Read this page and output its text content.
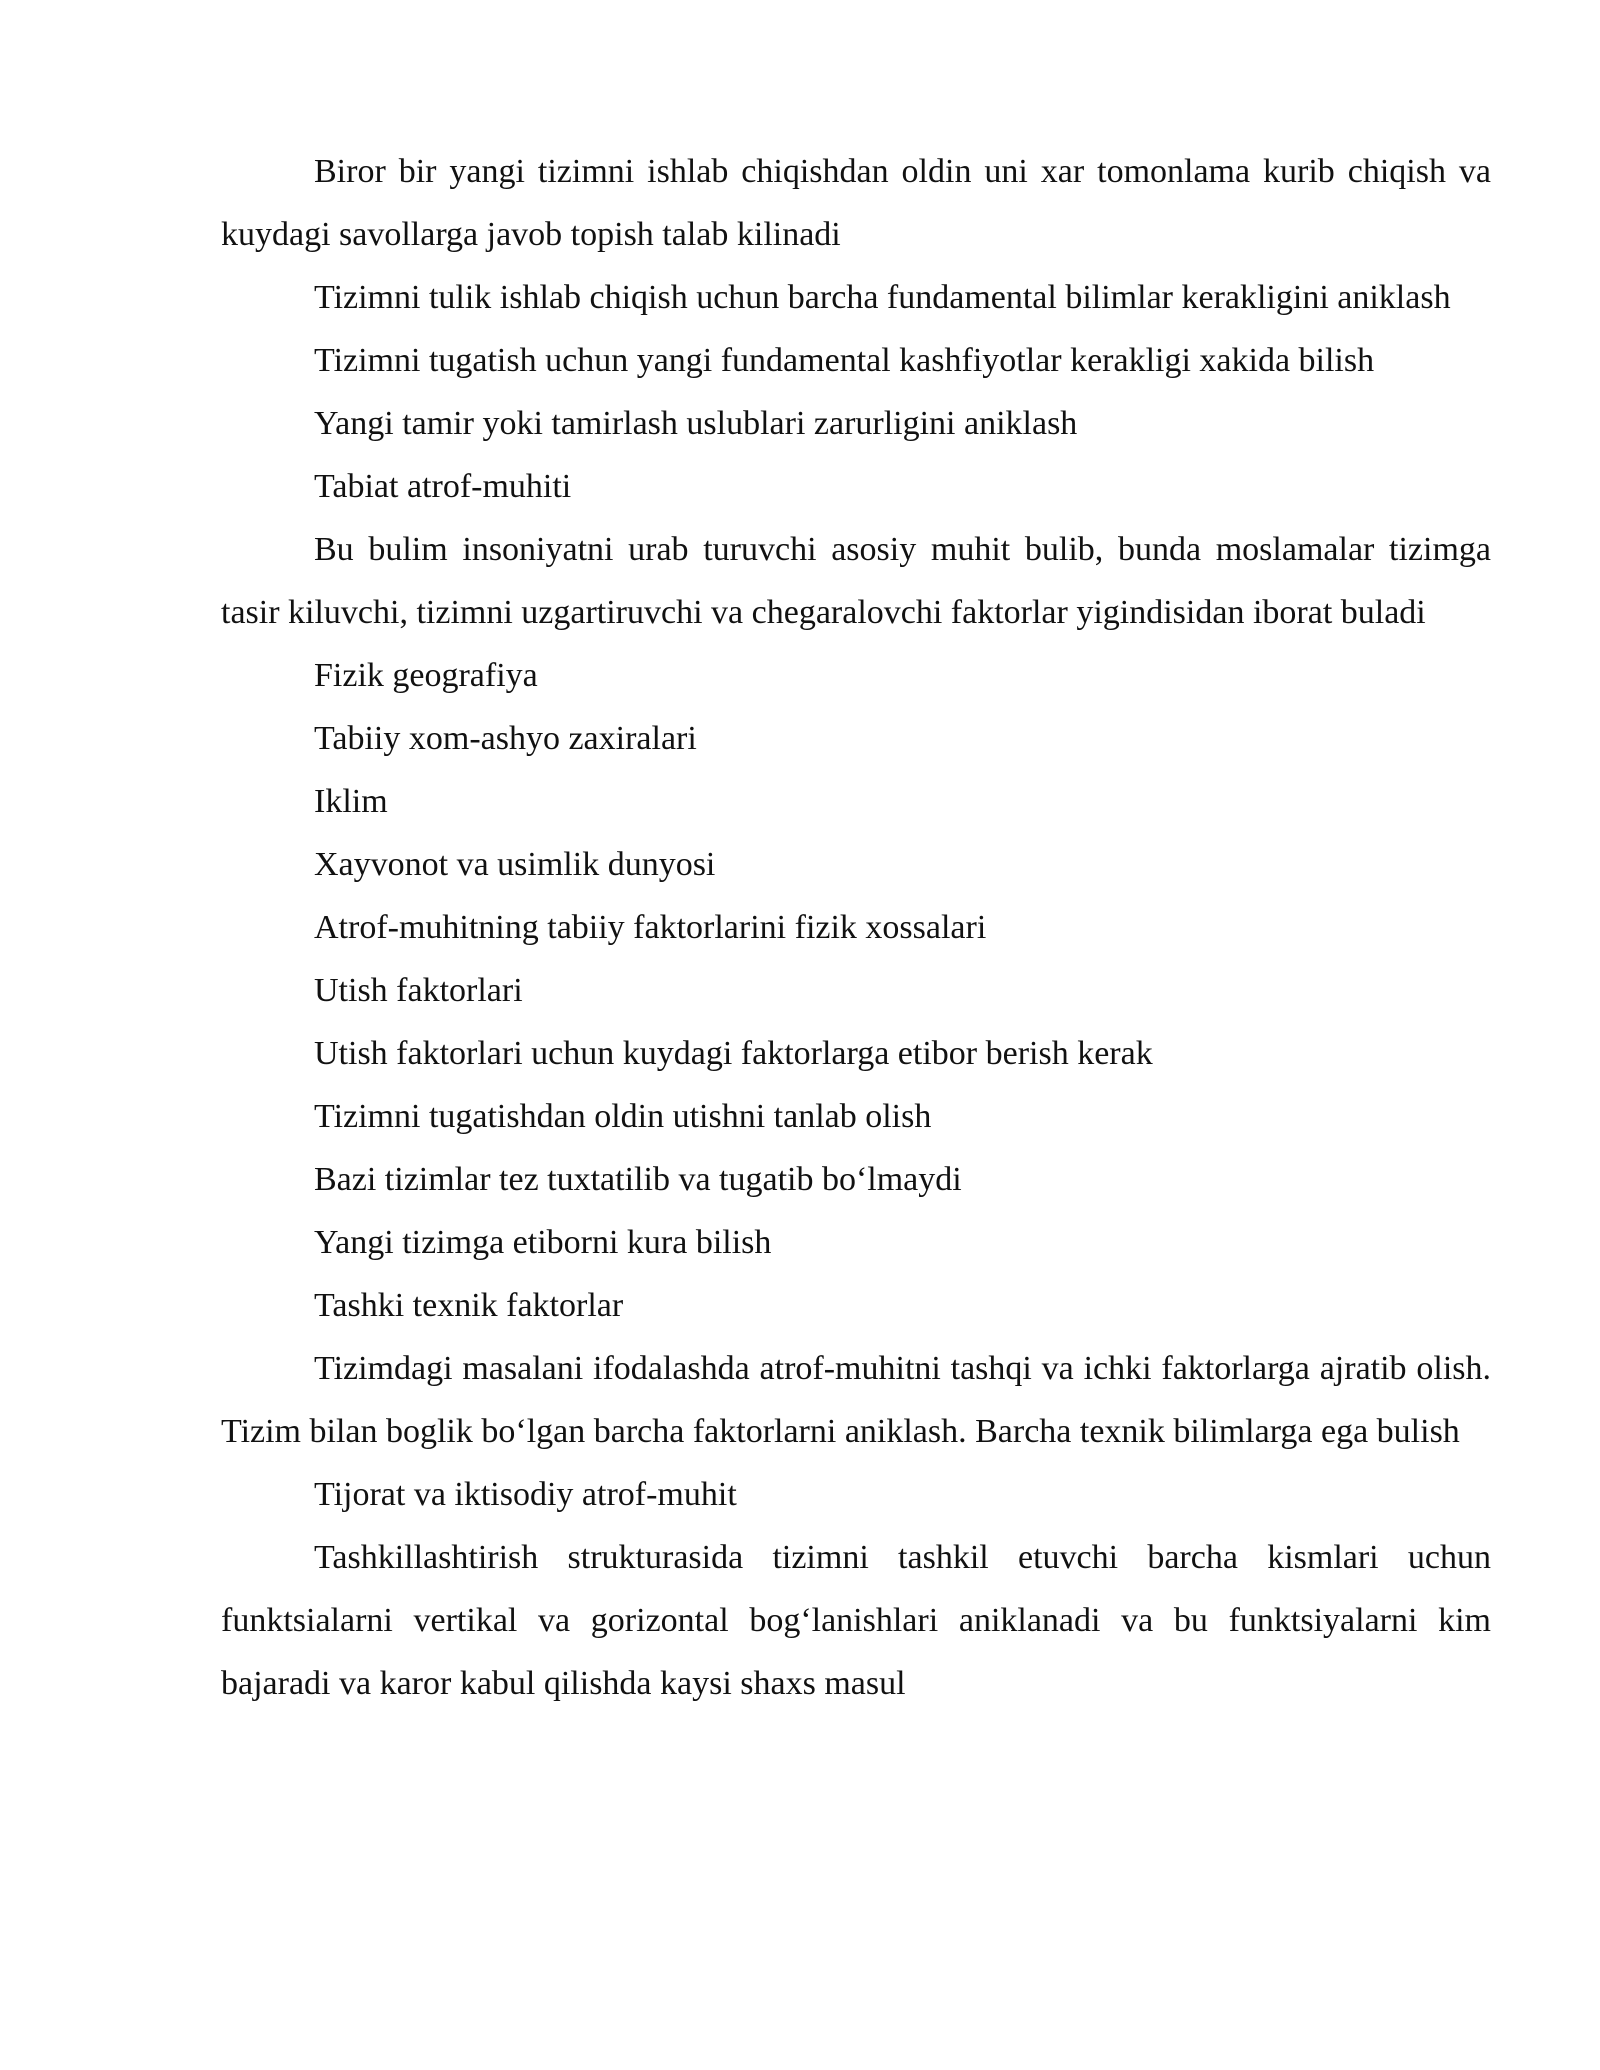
Biror bir yangi tizimni ishlab chiqishdan oldin uni xar tomonlama kurib chiqish va kuydagi savollarga javob topish talab kilinadi

Tizimni tulik ishlab chiqish uchun barcha fundamental bilimlar kerakligini aniklash

Tizimni tugatish uchun yangi fundamental kashfiyotlar kerakligi xakida bilish

Yangi tamir yoki tamirlash uslublari zarurligini aniklash

Tabiat atrof-muhiti

Bu bulim insoniyatni urab turuvchi asosiy muhit bulib, bunda moslamalar tizimga tasir kiluvchi, tizimni uzgartiruvchi va chegaralovchi faktorlar yigindisidan iborat buladi

Fizik geografiya

Tabiiy xom-ashyo zaxiralari

Iklim

Xayvonot va usimlik dunyosi

Atrof-muhitning tabiiy faktorlarini fizik xossalari

Utish faktorlari

Utish faktorlari uchun kuydagi faktorlarga etibor berish kerak

Tizimni tugatishdan oldin utishni tanlab olish

Bazi tizimlar tez tuxtatilib va tugatib bo‘lmaydi

Yangi tizimga etiborni kura bilish

Tashki texnik faktorlar

Tizimdagi masalani ifodalashda atrof-muhitni tashqi va ichki faktorlarga ajratib olish. Tizim bilan boglik bo‘lgan barcha faktorlarni aniklash. Barcha texnik bilimlarga ega bulish

Tijorat va iktisodiy atrof-muhit

Tashkillashtirish strukturasida tizimni tashkil etuvchi barcha kismlari uchun funktsialarni vertikal va gorizontal bog‘lanishlari aniklanadi va bu funktsiyalarni kim bajaradi va karor kabul qilishda kaysi shaxs masul
